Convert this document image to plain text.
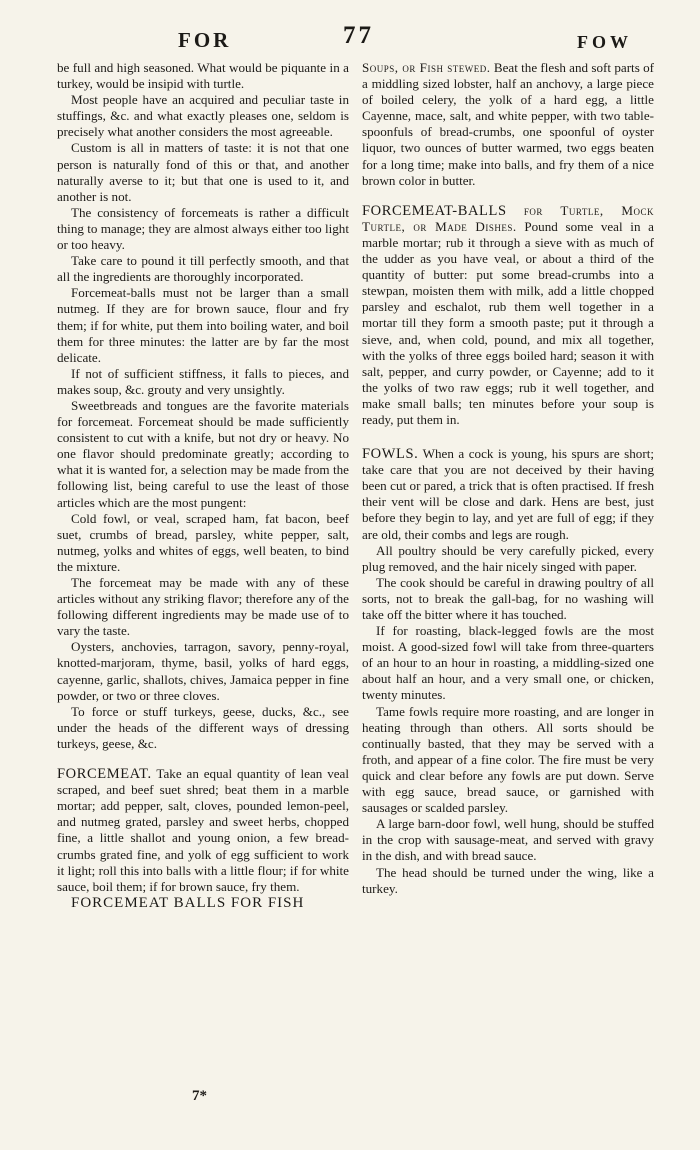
FOR	77	FOW

be full and high seasoned. What would be piquante in a turkey, would be insipid with turtle.

Most people have an acquired and peculiar taste in stuffings, &c. and what exactly pleases one, seldom is precisely what another considers the most agreeable.

Custom is all in matters of taste: it is not that one person is naturally fond of this or that, and another naturally averse to it; but that one is used to it, and another is not.

The consistency of forcemeats is rather a difficult thing to manage; they are almost always either too light or too heavy.

Take care to pound it till perfectly smooth, and that all the ingredients are thoroughly incorporated.

Forcemeat-balls must not be larger than a small nutmeg. If they are for brown sauce, flour and fry them; if for white, put them into boiling water, and boil them for three minutes: the latter are by far the most delicate.

If not of sufficient stiffness, it falls to pieces, and makes soup, &c. grouty and very unsightly.

Sweetbreads and tongues are the favorite materials for forcemeat. Forcemeat should be made sufficiently consistent to cut with a knife, but not dry or heavy. No one flavor should predominate greatly; according to what it is wanted for, a selection may be made from the following list, being careful to use the least of those articles which are the most pungent:

Cold fowl, or veal, scraped ham, fat bacon, beef suet, crumbs of bread, parsley, white pepper, salt, nutmeg, yolks and whites of eggs, well beaten, to bind the mixture.

The forcemeat may be made with any of these articles without any striking flavor; therefore any of the following different ingredients may be made use of to vary the taste.

Oysters, anchovies, tarragon, savory, penny-royal, knotted-marjoram, thyme, basil, yolks of hard eggs, cayenne, garlic, shallots, chives, Jamaica pepper in fine powder, or two or three cloves.

To force or stuff turkeys, geese, ducks, &c., see under the heads of the different ways of dressing turkeys, geese, &c.

FORCEMEAT. Take an equal quantity of lean veal scraped, and beef suet shred; beat them in a marble mortar; add pepper, salt, cloves, pounded lemon-peel, and nutmeg grated, parsley and sweet herbs, chopped fine, a little shallot and young onion, a few bread-crumbs grated fine, and yolk of egg sufficient to work it light; roll this into balls with a little flour; if for white sauce, boil them; if for brown sauce, fry them.

FORCEMEAT BALLS FOR FISH

7*

Soups, or Fish stewed. Beat the flesh and soft parts of a middling sized lobster, half an anchovy, a large piece of boiled celery, the yolk of a hard egg, a little Cayenne, mace, salt, and white pepper, with two table-spoonfuls of bread-crumbs, one spoonful of oyster liquor, two ounces of butter warmed, two eggs beaten for a long time; make into balls, and fry them of a nice brown color in butter.

FORCEMEAT-BALLS for Turtle, Mock Turtle, or Made Dishes. Pound some veal in a marble mortar; rub it through a sieve with as much of the udder as you have veal, or about a third of the quantity of butter: put some bread-crumbs into a stewpan, moisten them with milk, add a little chopped parsley and eschalot, rub them well together in a mortar till they form a smooth paste; put it through a sieve, and, when cold, pound, and mix all together, with the yolks of three eggs boiled hard; season it with salt, pepper, and curry powder, or Cayenne; add to it the yolks of two raw eggs; rub it well together, and make small balls; ten minutes before your soup is ready, put them in.

FOWLS. When a cock is young, his spurs are short; take care that you are not deceived by their having been cut or pared, a trick that is often practised. If fresh their vent will be close and dark. Hens are best, just before they begin to lay, and yet are full of egg; if they are old, their combs and legs are rough.

All poultry should be very carefully picked, every plug removed, and the hair nicely singed with paper.

The cook should be careful in drawing poultry of all sorts, not to break the gall-bag, for no washing will take off the bitter where it has touched.

If for roasting, black-legged fowls are the most moist. A good-sized fowl will take from three-quarters of an hour to an hour in roasting, a middling-sized one about half an hour, and a very small one, or chicken, twenty minutes.

Tame fowls require more roasting, and are longer in heating through than others. All sorts should be continually basted, that they may be served with a froth, and appear of a fine color. The fire must be very quick and clear before any fowls are put down. Serve with egg sauce, bread sauce, or garnished with sausages or scalded parsley.

A large barn-door fowl, well hung, should be stuffed in the crop with sausage-meat, and served with gravy in the dish, and with bread sauce.

The head should be turned under the wing, like a turkey.
